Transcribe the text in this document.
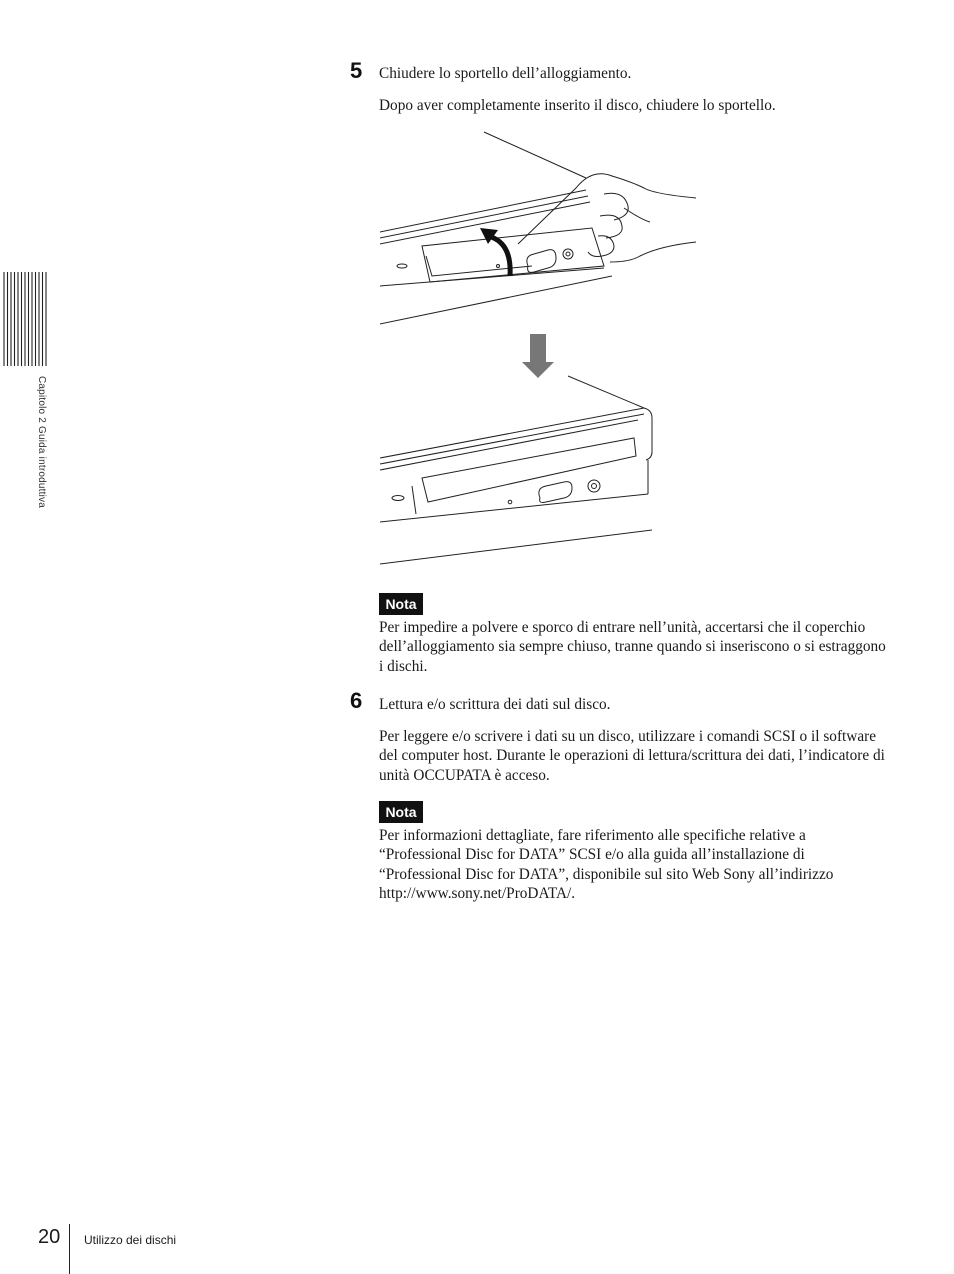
Capitolo 2 Guida introduttiva
5 Chiudere lo sportello dell’alloggiamento.
Dopo aver completamente inserito il disco, chiudere lo sportello.
Nota
Per impedire a polvere e sporco di entrare nell’unità, accertarsi che il coperchio dell’alloggiamento sia sempre chiuso, tranne quando si inseriscono o si estraggono i dischi.
6 Lettura e/o scrittura dei dati sul disco.
Per leggere e/o scrivere i dati su un disco, utilizzare i comandi SCSI o il software del computer host. Durante le operazioni di lettura/scrittura dei dati, l’indicatore di unità OCCUPATA è acceso.
Nota
Per informazioni dettagliate, fare riferimento alle specifiche relative a “Professional Disc for DATA” SCSI e/o alla guida all’installazione di “Professional Disc for DATA”, disponibile sul sito Web Sony all’indirizzo http://www.sony.net/ProDATA/.
20 Utilizzo dei dischi
